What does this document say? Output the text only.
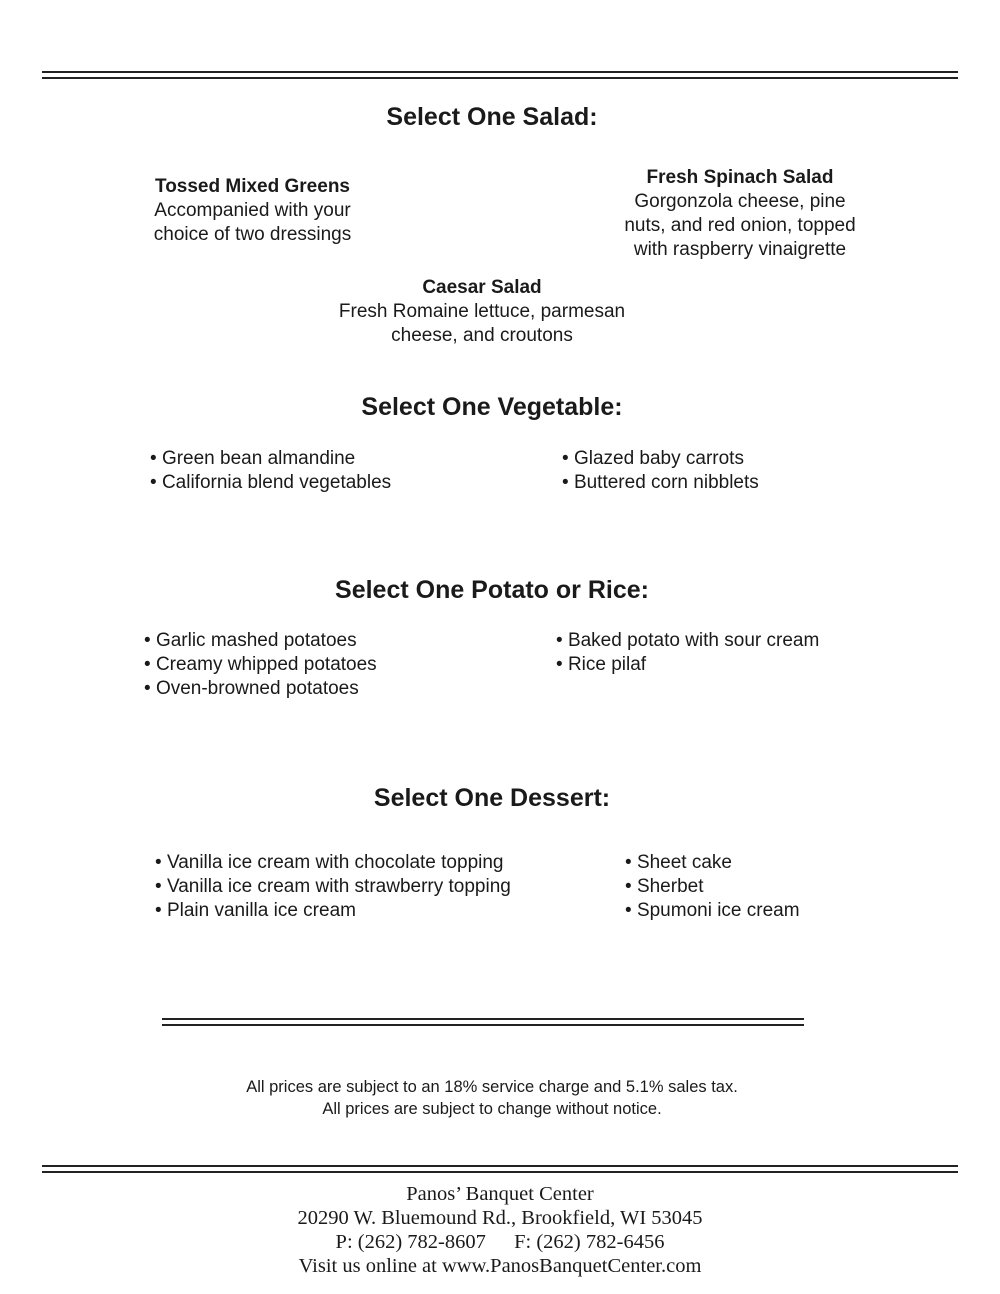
Select One Salad:
Tossed Mixed Greens
Accompanied with your
choice of two dressings
Fresh Spinach Salad
Gorgonzola cheese, pine
nuts, and red onion, topped
with raspberry vinaigrette
Caesar Salad
Fresh Romaine lettuce, parmesan
cheese, and croutons
Select One Vegetable:
• Green bean almandine
• California blend vegetables
• Glazed baby carrots
• Buttered corn nibblets
Select One Potato or Rice:
• Garlic mashed potatoes
• Creamy whipped potatoes
• Oven-browned potatoes
• Baked potato with sour cream
• Rice pilaf
Select One Dessert:
• Vanilla ice cream with chocolate topping
• Vanilla ice cream with strawberry topping
• Plain vanilla ice cream
• Sheet cake
• Sherbet
• Spumoni ice cream
All prices are subject to an 18% service charge and 5.1% sales tax.
All prices are subject to change without notice.
Panos’ Banquet Center
20290 W. Bluemound Rd., Brookfield, WI 53045
P: (262) 782-8607 F: (262) 782-6456
Visit us online at www.PanosBanquetCenter.com
